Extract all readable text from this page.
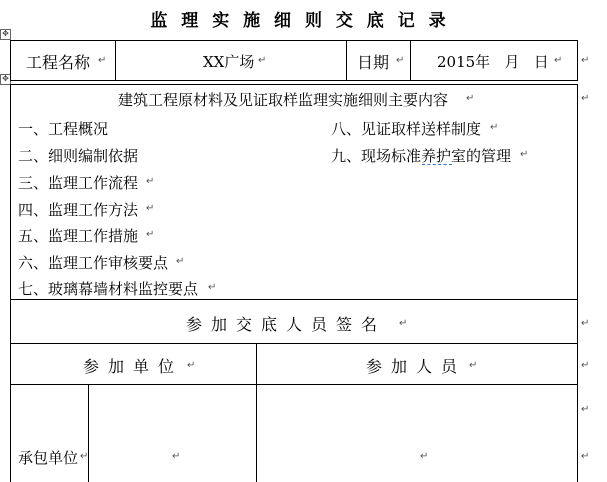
监 理 实 施 细 则 交 底 记 录
✥
✥
工程名称 ↵	XX广场 ↵	日期 ↵ 2015年   月   日 ↵ ↵
建筑工程原材料及见证取样监理实施细则主要内容 ↵	↵
一、工程概况
二、细则编制依据
三、监理工作流程 ↵
四、监理工作方法 ↵
五、监理工作措施 ↵
六、监理工作审核要点 ↵
七、玻璃幕墙材料监控要点 ↵
八、见证取样送样制度 ↵
九、现场标准养护室的管理 ↵
参加交底人员签名 ↵	↵
参加单位 ↵	参加人员 ↵	↵
承包单位 ↵	↵	↵
↵
↵
